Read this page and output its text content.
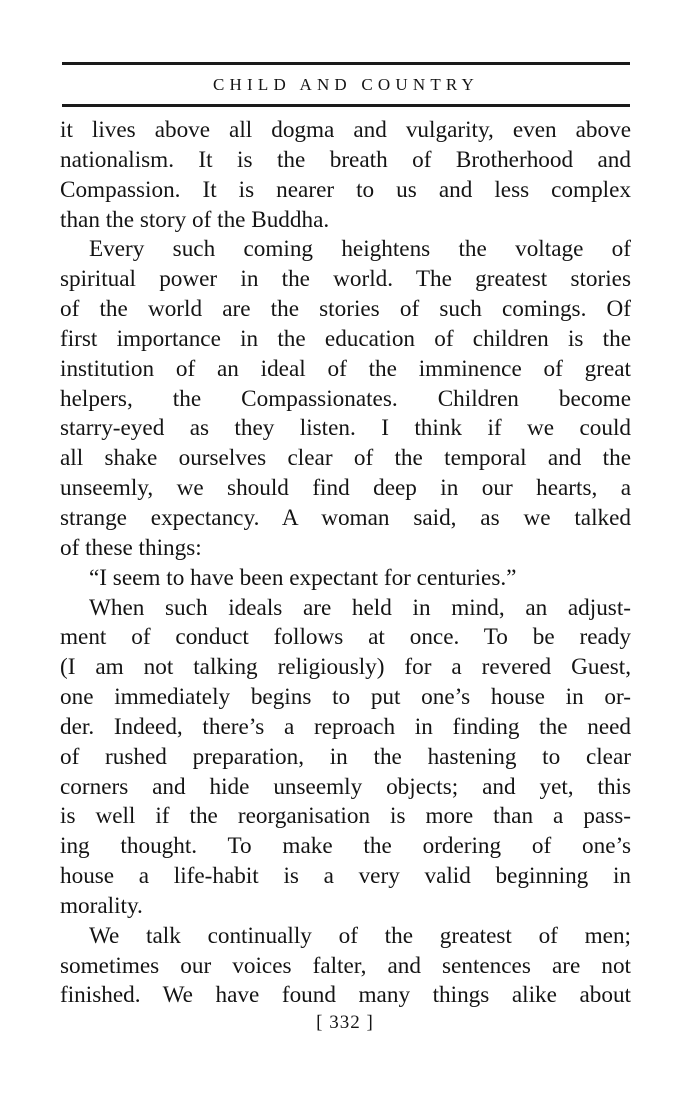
CHILD AND COUNTRY
it lives above all dogma and vulgarity, even above
nationalism. It is the breath of Brotherhood and
Compassion. It is nearer to us and less complex
than the story of the Buddha.
Every such coming heightens the voltage of
spiritual power in the world. The greatest stories
of the world are the stories of such comings. Of
first importance in the education of children is the
institution of an ideal of the imminence of great
helpers, the Compassionates. Children become
starry-eyed as they listen. I think if we could
all shake ourselves clear of the temporal and the
unseemly, we should find deep in our hearts, a
strange expectancy. A woman said, as we talked
of these things:
“I seem to have been expectant for centuries.”
When such ideals are held in mind, an adjust-
ment of conduct follows at once. To be ready
(I am not talking religiously) for a revered Guest,
one immediately begins to put one’s house in or-
der. Indeed, there’s a reproach in finding the need
of rushed preparation, in the hastening to clear
corners and hide unseemly objects; and yet, this
is well if the reorganisation is more than a pass-
ing thought. To make the ordering of one’s
house a life-habit is a very valid beginning in
morality.
We talk continually of the greatest of men;
sometimes our voices falter, and sentences are not
finished. We have found many things alike about
[ 332 ]
